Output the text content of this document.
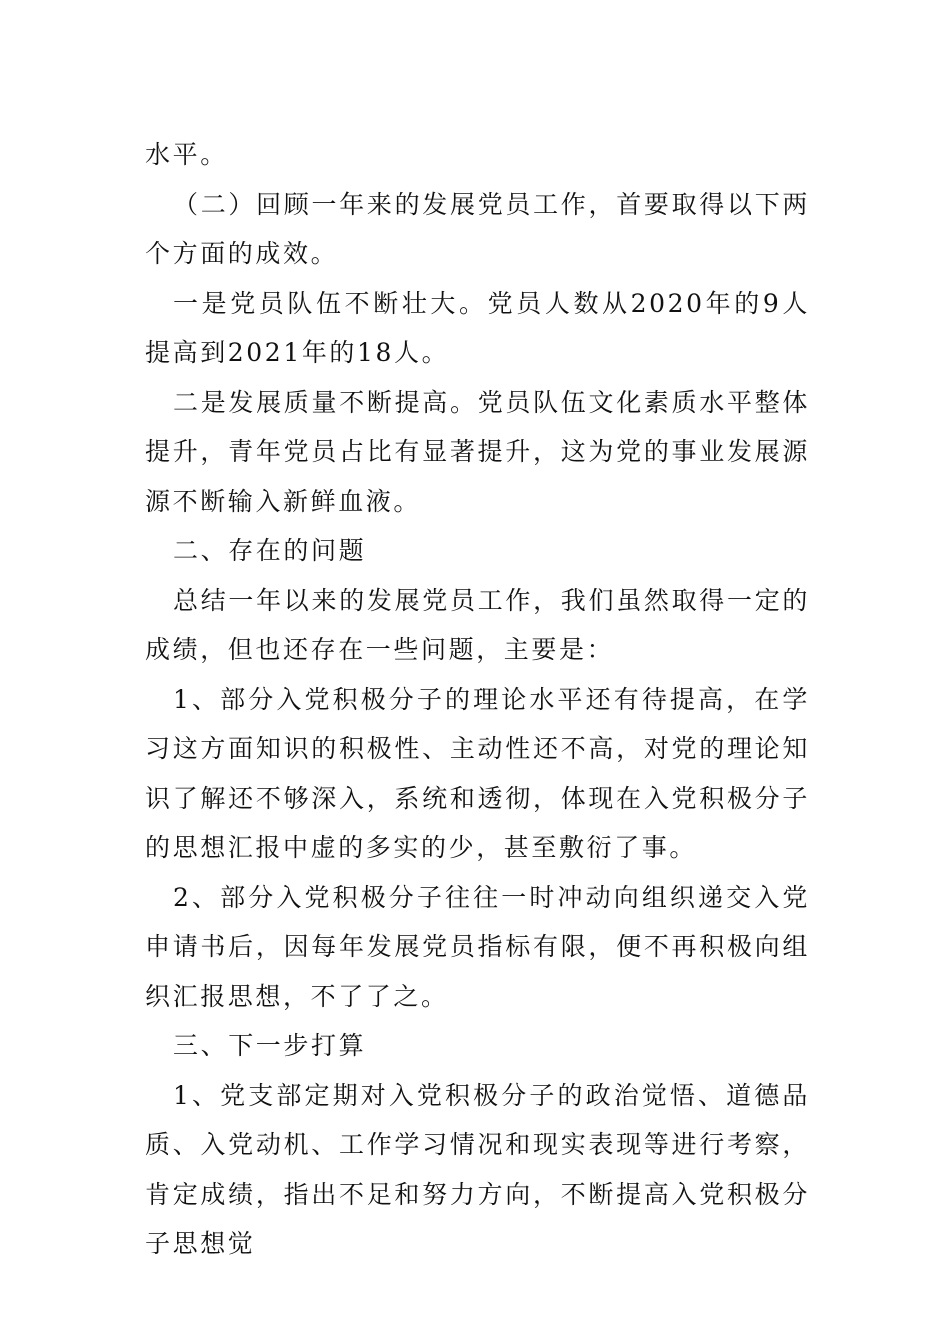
水平。

（二）回顾一年来的发展党员工作，首要取得以下两个方面的成效。

一是党员队伍不断壮大。党员人数从2020年的9人提高到2021年的18人。

二是发展质量不断提高。党员队伍文化素质水平整体提升，青年党员占比有显著提升，这为党的事业发展源源不断输入新鲜血液。

二、存在的问题

总结一年以来的发展党员工作，我们虽然取得一定的成绩，但也还存在一些问题，主要是：

1、部分入党积极分子的理论水平还有待提高，在学习这方面知识的积极性、主动性还不高，对党的理论知识了解还不够深入，系统和透彻，体现在入党积极分子的思想汇报中虚的多实的少，甚至敷衍了事。

2、部分入党积极分子往往一时冲动向组织递交入党申请书后，因每年发展党员指标有限，便不再积极向组织汇报思想，不了了之。

三、下一步打算

1、党支部定期对入党积极分子的政治觉悟、道德品质、入党动机、工作学习情况和现实表现等进行考察，肯定成绩，指出不足和努力方向，不断提高入党积极分子思想觉
